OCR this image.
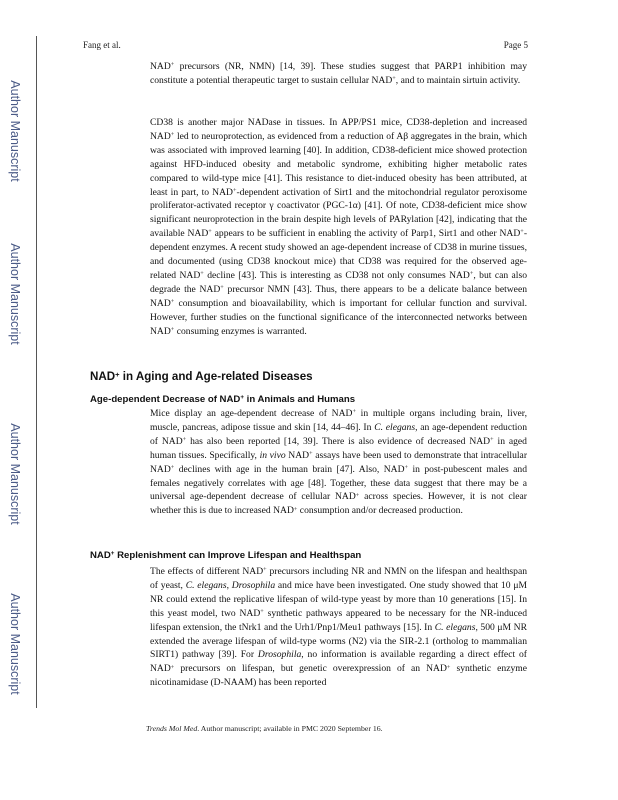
Author Manuscript
Author Manuscript
Author Manuscript
Author Manuscript
Fang et al.	Page 5

NAD+ precursors (NR, NMN) [14, 39]. These studies suggest that PARP1 inhibition may constitute a potential therapeutic target to sustain cellular NAD+, and to maintain sirtuin activity.

CD38 is another major NADase in tissues. In APP/PS1 mice, CD38-depletion and increased NAD+ led to neuroprotection, as evidenced from a reduction of Aβ aggregates in the brain, which was associated with improved learning [40]. In addition, CD38-deficient mice showed protection against HFD-induced obesity and metabolic syndrome, exhibiting higher metabolic rates compared to wild-type mice [41]. This resistance to diet-induced obesity has been attributed, at least in part, to NAD+-dependent activation of Sirt1 and the mitochondrial regulator peroxisome proliferator-activated receptor γ coactivator (PGC-1α) [41]. Of note, CD38-deficient mice show significant neuroprotection in the brain despite high levels of PARylation [42], indicating that the available NAD+ appears to be sufficient in enabling the activity of Parp1, Sirt1 and other NAD+-dependent enzymes. A recent study showed an age-dependent increase of CD38 in murine tissues, and documented (using CD38 knockout mice) that CD38 was required for the observed age-related NAD+ decline [43]. This is interesting as CD38 not only consumes NAD+, but can also degrade the NAD+ precursor NMN [43]. Thus, there appears to be a delicate balance between NAD+ consumption and bioavailability, which is important for cellular function and survival. However, further studies on the functional significance of the interconnected networks between NAD+ consuming enzymes is warranted.

NAD+ in Aging and Age-related Diseases
Age-dependent Decrease of NAD+ in Animals and Humans

Mice display an age-dependent decrease of NAD+ in multiple organs including brain, liver, muscle, pancreas, adipose tissue and skin [14, 44–46]. In C. elegans, an age-dependent reduction of NAD+ has also been reported [14, 39]. There is also evidence of decreased NAD+ in aged human tissues. Specifically, in vivo NAD+ assays have been used to demonstrate that intracellular NAD+ declines with age in the human brain [47]. Also, NAD+ in post-pubescent males and females negatively correlates with age [48]. Together, these data suggest that there may be a universal age-dependent decrease of cellular NAD+ across species. However, it is not clear whether this is due to increased NAD+ consumption and/or decreased production.

NAD+ Replenishment can Improve Lifespan and Healthspan

The effects of different NAD+ precursors including NR and NMN on the lifespan and healthspan of yeast, C. elegans, Drosophila and mice have been investigated. One study showed that 10 μM NR could extend the replicative lifespan of wild-type yeast by more than 10 generations [15]. In this yeast model, two NAD+ synthetic pathways appeared to be necessary for the NR-induced lifespan extension, the tNrk1 and the Urh1/Pnp1/Meu1 pathways [15]. In C. elegans, 500 μM NR extended the average lifespan of wild-type worms (N2) via the SIR-2.1 (ortholog to mammalian SIRT1) pathway [39]. For Drosophila, no information is available regarding a direct effect of NAD+ precursors on lifespan, but genetic overexpression of an NAD+ synthetic enzyme nicotinamidase (D-NAAM) has been reported

Trends Mol Med. Author manuscript; available in PMC 2020 September 16.
